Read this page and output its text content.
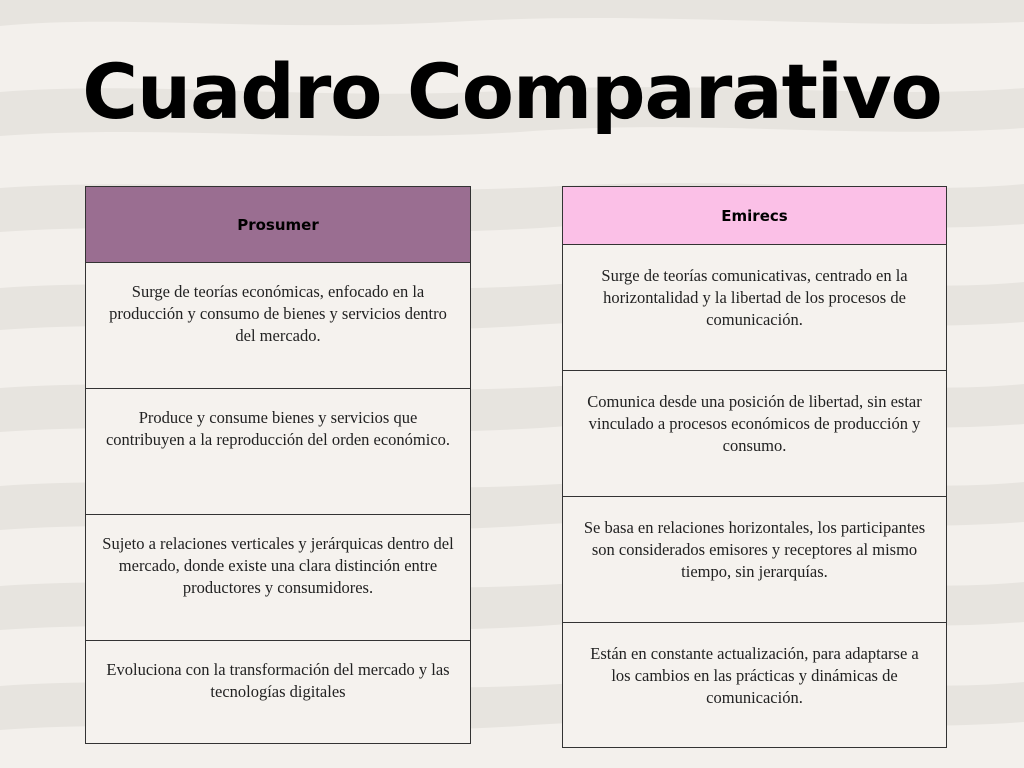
Cuadro Comparativo
Prosumer
Surge de teorías económicas, enfocado en la producción y consumo de bienes y servicios dentro del mercado.
Produce y consume bienes y servicios que contribuyen a la reproducción del orden económico.
Sujeto a relaciones verticales y jerárquicas dentro del mercado, donde existe una clara distinción entre productores y consumidores.
Evoluciona con la transformación del mercado y las tecnologías digitales
Emirecs
Surge de teorías comunicativas, centrado en la horizontalidad y la libertad de los procesos de comunicación.
Comunica desde una posición de libertad, sin estar vinculado a procesos económicos de producción y consumo.
Se basa en relaciones horizontales, los participantes son considerados emisores y receptores al mismo tiempo, sin jerarquías.
Están en constante actualización, para adaptarse a los cambios en las prácticas y dinámicas de comunicación.
